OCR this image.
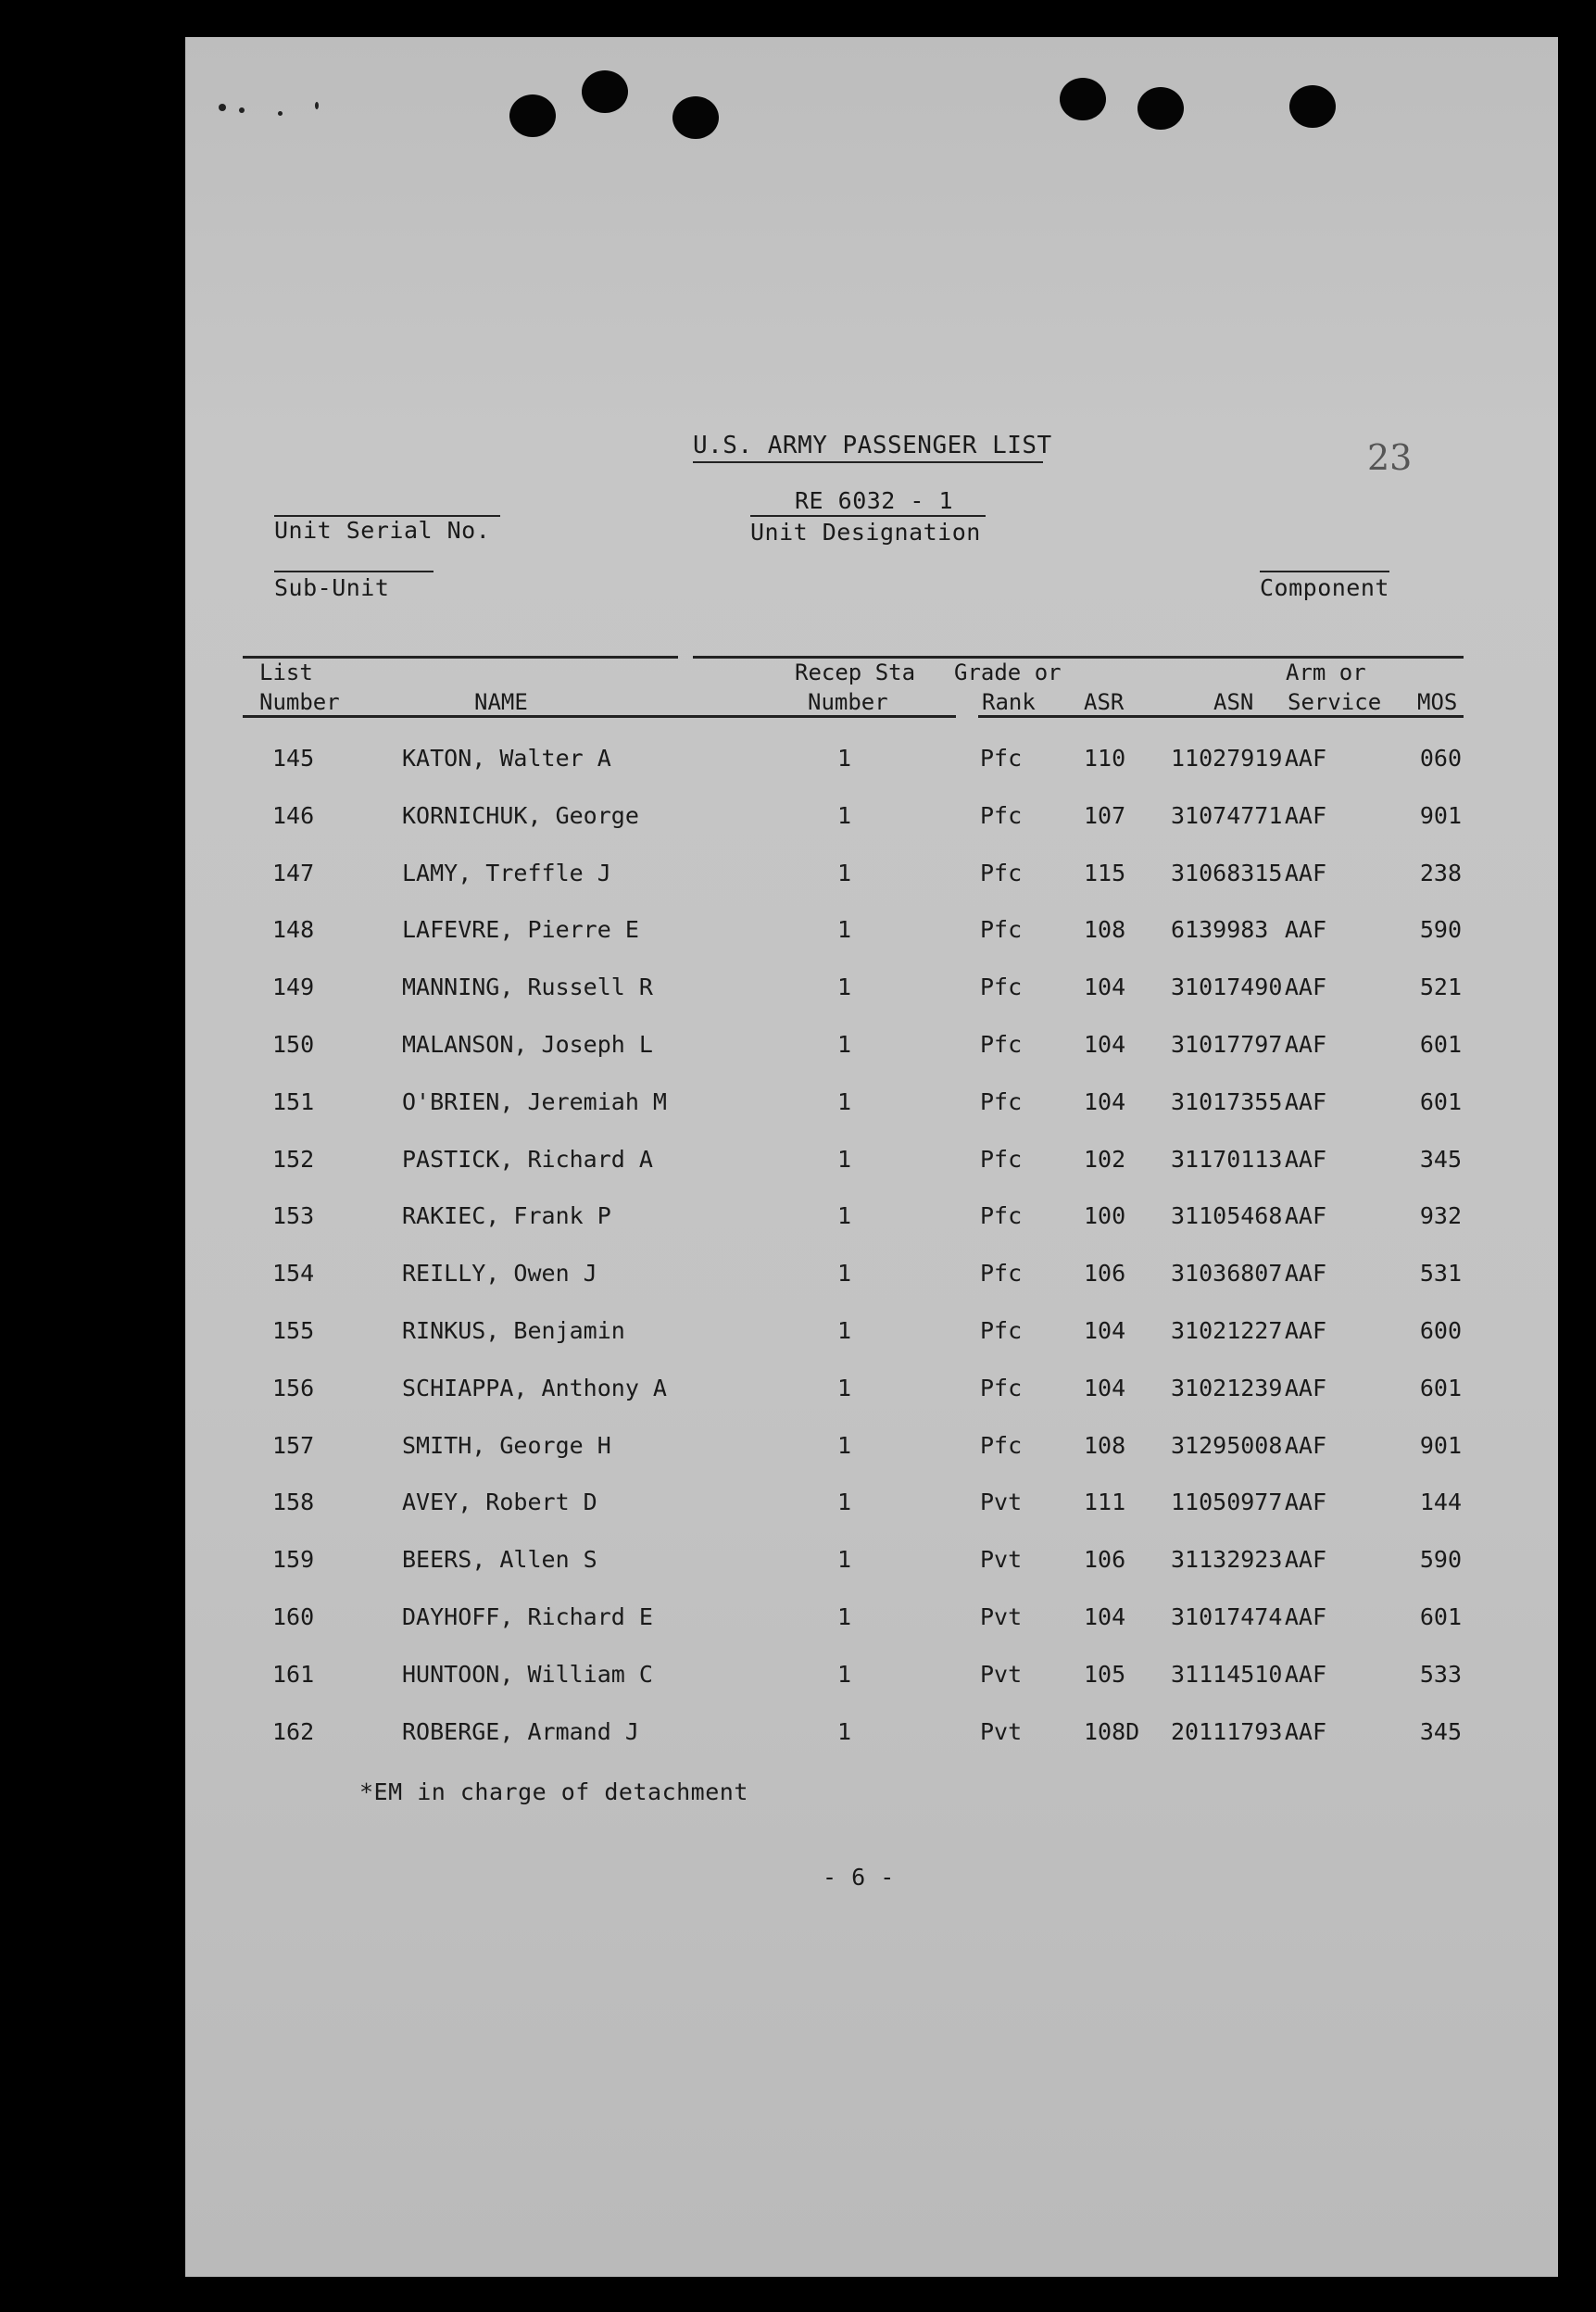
U.S. ARMY PASSENGER LIST	23
RE 6032 - 1
Unit Designation
Unit Serial No.
Sub-Unit	Component
List
Number	NAME
Recep Sta
Number
Grade or
Rank ASR	ASN
Arm or
Service MOS
145	KATON, Walter A	1	Pfc	110 11027919 AAF	060
146	KORNICHUK, George	1	Pfc	107 31074771 AAF	901
147	LAMY, Treffle J	1	Pfc	115 31068315 AAF	238
148	LAFEVRE, Pierre E	1	Pfc	108 6139983 AAF	590
149	MANNING, Russell R	1	Pfc	104 31017490 AAF	521
150	MALANSON, Joseph L	1	Pfc	104 31017797 AAF	601
151	O'BRIEN, Jeremiah M	1	Pfc	104 31017355 AAF	601
152	PASTICK, Richard A	1	Pfc	102 31170113 AAF	345
153	RAKIEC, Frank P	1	Pfc	100 31105468 AAF	932
154	REILLY, Owen J	1	Pfc	106 31036807 AAF	531
155	RINKUS, Benjamin	1	Pfc	104 31021227 AAF	600
156	SCHIAPPA, Anthony A	1	Pfc	104 31021239 AAF	601
157	SMITH, George H	1	Pfc	108 31295008 AAF	901
158	AVEY, Robert D	1	Pvt	111 11050977 AAF	144
159	BEERS, Allen S	1	Pvt	106 31132923 AAF	590
160	DAYHOFF, Richard E	1	Pvt	104 31017474 AAF	601
161	HUNTOON, William C	1	Pvt	105 31114510 AAF	533
162	ROBERGE, Armand J	1	Pvt	108D 20111793 AAF	345
*EM in charge of detachment
- 6 -
